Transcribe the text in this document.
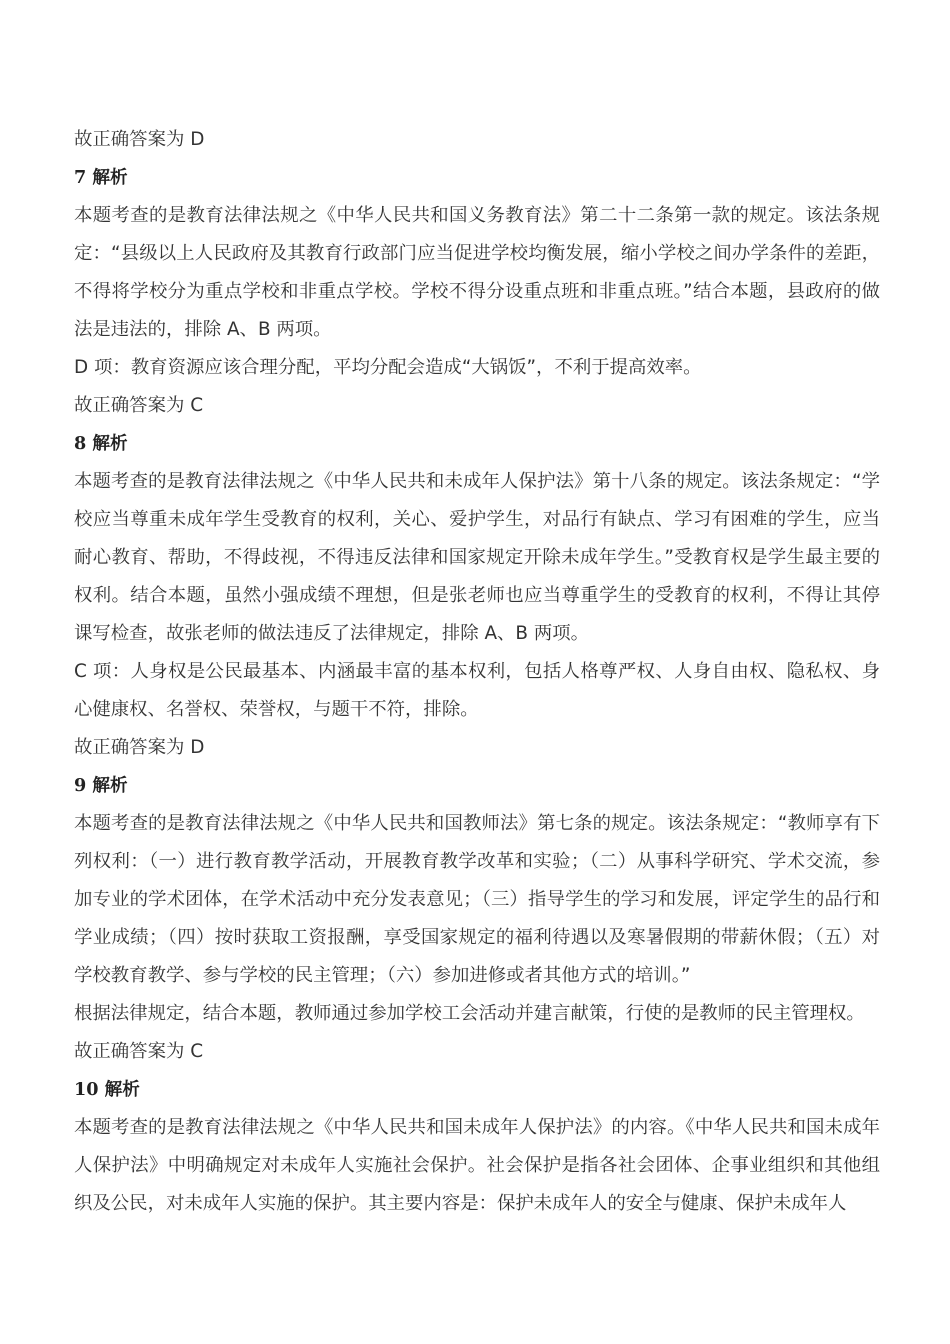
故正确答案为 D

7 解析

本题考查的是教育法律法规之《中华人民共和国义务教育法》第二十二条第一款的规定。该法条规定：“县级以上人民政府及其教育行政部门应当促进学校均衡发展，缩小学校之间办学条件的差距，不得将学校分为重点学校和非重点学校。学校不得分设重点班和非重点班。”结合本题，县政府的做法是违法的，排除 A、B 两项。

D 项：教育资源应该合理分配，平均分配会造成“大锅饭”，不利于提高效率。

故正确答案为 C

8 解析

本题考查的是教育法律法规之《中华人民共和未成年人保护法》第十八条的规定。该法条规定：“学校应当尊重未成年学生受教育的权利，关心、爱护学生，对品行有缺点、学习有困难的学生，应当耐心教育、帮助，不得歧视，不得违反法律和国家规定开除未成年学生。”受教育权是学生最主要的权利。结合本题，虽然小强成绩不理想，但是张老师也应当尊重学生的受教育的权利，不得让其停课写检查，故张老师的做法违反了法律规定，排除 A、B 两项。

C 项：人身权是公民最基本、内涵最丰富的基本权利，包括人格尊严权、人身自由权、隐私权、身心健康权、名誉权、荣誉权，与题干不符，排除。

故正确答案为 D

9 解析

本题考查的是教育法律法规之《中华人民共和国教师法》第七条的规定。该法条规定：“教师享有下列权利：（一）进行教育教学活动，开展教育教学改革和实验；（二）从事科学研究、学术交流，参加专业的学术团体，在学术活动中充分发表意见；（三）指导学生的学习和发展，评定学生的品行和学业成绩；（四）按时获取工资报酬，享受国家规定的福利待遇以及寒暑假期的带薪休假；（五）对学校教育教学、参与学校的民主管理；（六）参加进修或者其他方式的培训。”

根据法律规定，结合本题，教师通过参加学校工会活动并建言献策，行使的是教师的民主管理权。

故正确答案为 C

10 解析

本题考查的是教育法律法规之《中华人民共和国未成年人保护法》的内容。《中华人民共和国未成年人保护法》中明确规定对未成年人实施社会保护。社会保护是指各社会团体、企事业组织和其他组织及公民，对未成年人实施的保护。其主要内容是：保护未成年人的安全与健康、保护未成年人
